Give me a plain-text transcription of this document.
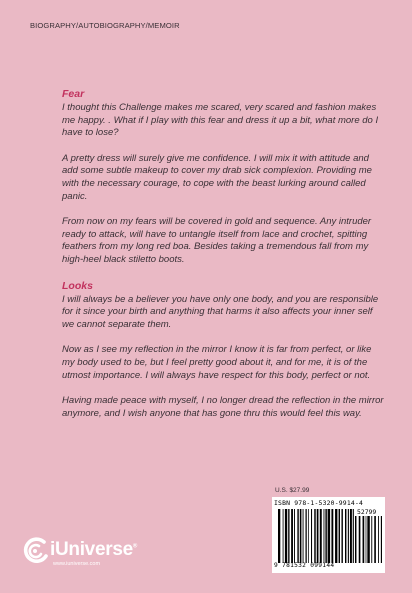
BIOGRAPHY/AUTOBIOGRAPHY/MEMOIR
Fear

I thought this Challenge makes me scared, very scared and fashion makes me happy. . What if I play with this fear and dress it up a bit, what more do I have to lose?

A pretty dress will surely give me confidence. I will mix it with attitude and add some subtle makeup to cover my drab sick complexion. Providing me with the necessary courage, to cope with the beast lurking around called panic.

From now on my fears will be covered in gold and sequence. Any intruder ready to attack, will have to untangle itself from lace and crochet, spitting feathers from my long red boa. Besides taking a tremendous fall from my high-heel black stiletto boots.

Looks

I will always be a believer you have only one body, and you are responsible for it since your birth and anything that harms it also affects your inner self we cannot separate them.

Now as I see my reflection in the mirror I know it is far from perfect, or like my body used to be, but I feel pretty good about it, and for me, it is of the utmost importance. I will always have respect for this body, perfect or not.

Having made peace with myself, I no longer dread the reflection in the mirror anymore, and I wish anyone that has gone thru this would feel this way.

U.S. $27.99
ISBN 978-1-5320-9914-4
52799
9 781532 099144
iUniverse®
www.iuniverse.com
